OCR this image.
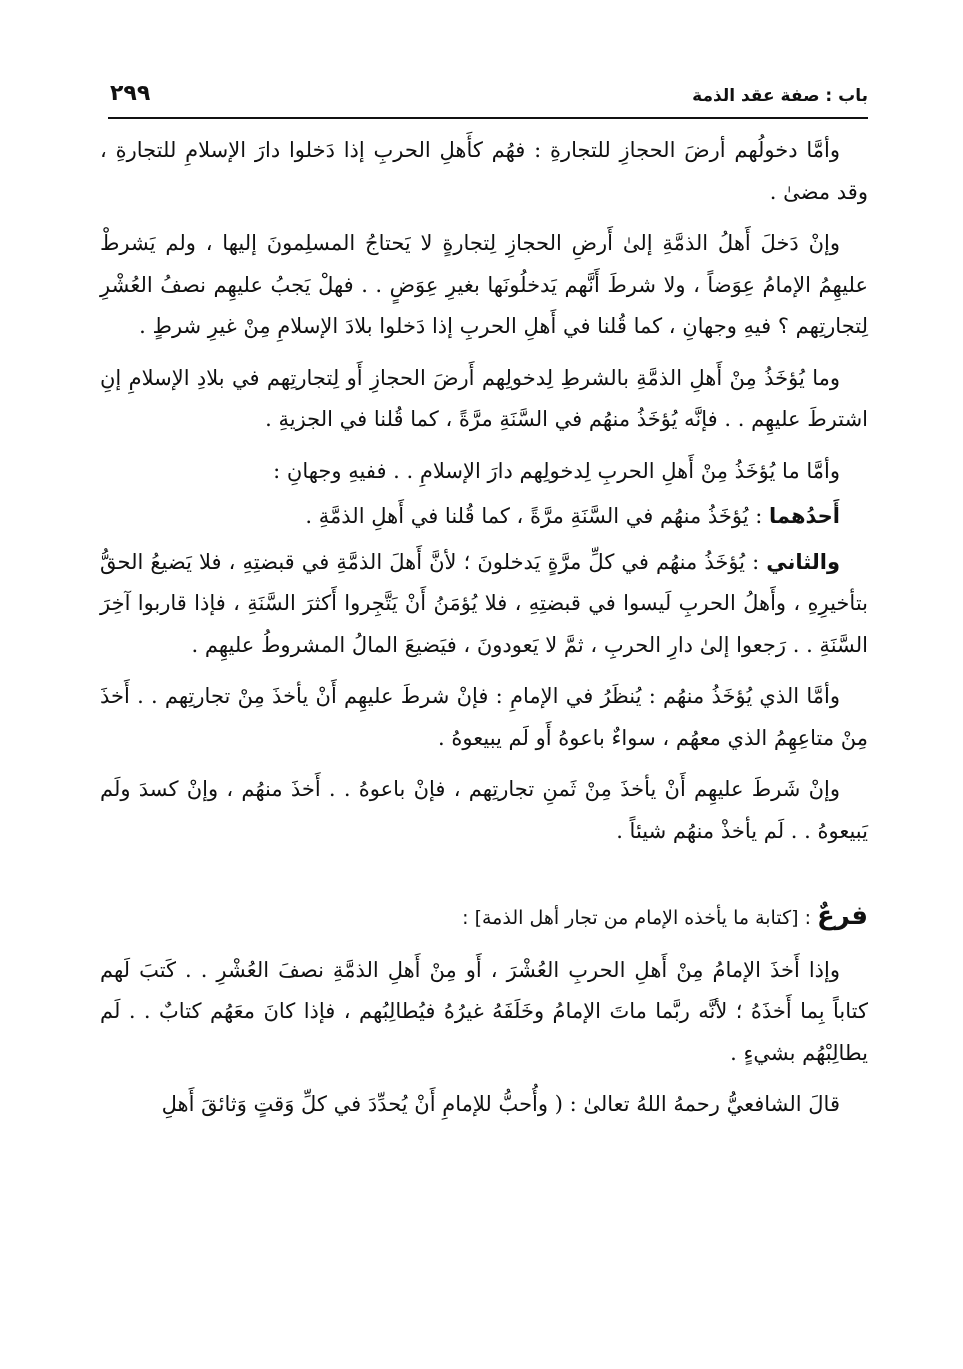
باب : صفة عقد الذمة
٢٩٩

وأمَّا دخولُهم أرضَ الحجازِ للتجارةِ : فهُم كأَهلِ الحربِ إذا دَخلوا دارَ الإسلامِ للتجارةِ ، وقد مضىٰ .

وإنْ دَخلَ أَهلُ الذمَّةِ إلىٰ أَرضِ الحجازِ لِتجارةٍ لا يَحتاجُ المسلِمونَ إليها ، ولم يَشرطْ عليهِمُ الإمامُ عِوَضاً ، ولا شرطَ أَنَّهم يَدخلُونَها بغيرِ عِوَضٍ . . فهلْ يَجبُ عليهِم نصفُ العُشْرِ لِتجارتِهم ؟ فيهِ وجهانِ ، كما قُلنا في أَهلِ الحربِ إذا دَخلوا بلادَ الإسلامِ مِنْ غيرِ شرطٍ .

وما يُؤخَذُ مِنْ أَهلِ الذمَّةِ بالشرطِ لِدخولِهم أَرضَ الحجازِ أَو لِتجارتِهم في بلادِ الإسلامِ إنِ اشترطَ عليهِم . . فإنَّه يُؤخَذُ منهُم في السَّنَةِ مرَّةً ، كما قُلنا في الجزيةِ .

وأمَّا ما يُؤخَذُ مِنْ أَهلِ الحربِ لِدخولِهم دارَ الإسلامِ . . ففيهِ وجهانِ :

أَحدُهما : يُؤخَذُ منهُم في السَّنَةِ مرَّةً ، كما قُلنا في أَهلِ الذمَّةِ .

والثاني : يُؤخَذُ منهُم في كلِّ مرَّةٍ يَدخلونَ ؛ لأنَّ أَهلَ الذمَّةِ في قبضتِهِ ، فلا يَضيعُ الحقُّ بتأخيرِهِ ، وأَهلُ الحربِ لَيسوا في قبضتِهِ ، فلا يُؤمَنُ أَنْ يَتَّجِروا أَكثرَ السَّنَةِ ، فإذا قاربوا آخِرَ السَّنَةِ . . رَجعوا إلىٰ دارِ الحربِ ، ثمَّ لا يَعودونَ ، فيَضيعَ المالُ المشروطُ عليهِم .

وأمَّا الذي يُؤخَذُ منهُم : يُنظَرُ في الإمامِ : فإنْ شرطَ عليهِم أَنْ يأخذَ مِنْ تجارتِهم . . أَخذَ مِنْ متاعِهِمُ الذي معهُم ، سواءٌ باعوهُ أَو لَم يبيعوهُ .

وإنْ شَرطَ عليهِم أَنْ يأخذَ مِنْ ثَمنِ تجارتِهم ، فإنْ باعوهُ . . أَخذَ منهُم ، وإنْ كسدَ ولَم يَبيعوهُ . . لَم يأخذْ منهُم شيئاً .

فرعٌ : [كتابة ما يأخذه الإمام من تجار أهل الذمة] :

وإذا أَخذَ الإمامُ مِنْ أَهلِ الحربِ العُشْرَ ، أَو مِنْ أَهلِ الذمَّةِ نصفَ العُشْرِ . . كَتبَ لَهم كتاباً بِما أَخذَهُ ؛ لأنَّه ربَّما ماتَ الإمامُ وخَلَفَهُ غيرُهُ فيُطالِبُهم ، فإذا كانَ معَهُم كتابٌ . . لَم يطالِبْهُم بشيءٍ .

قالَ الشافعيُّ رحمهُ اللهُ تعالىٰ : ( وأُحبُّ للإمامِ أَنْ يُحدِّدَ في كلِّ وَقتٍ وَثائقَ أَهلِ
